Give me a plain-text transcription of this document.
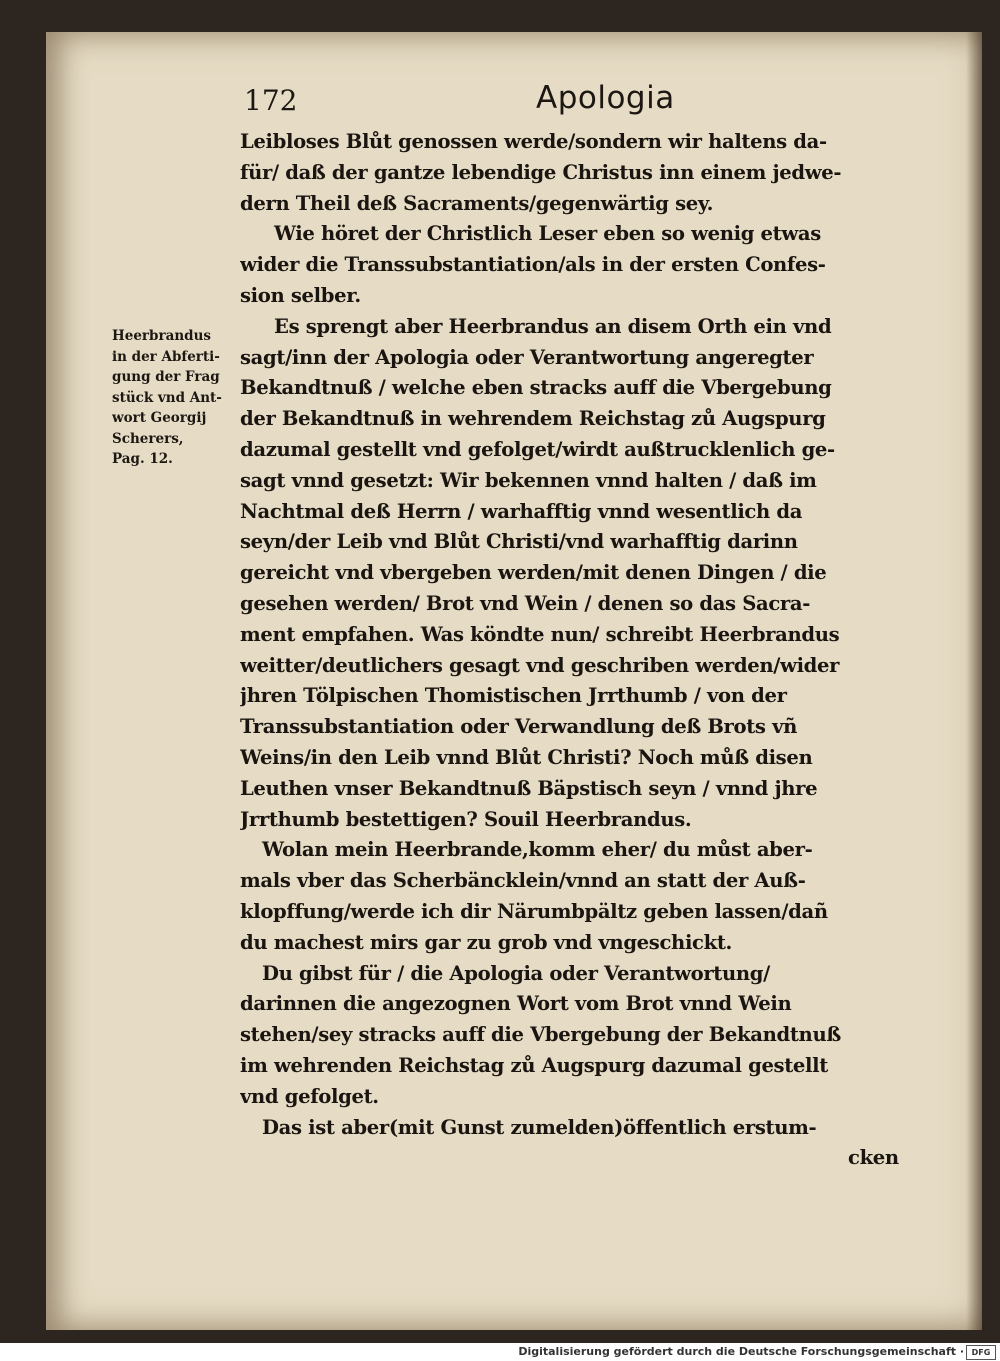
172	Apologia
Heerbrandus
in der Abferti-
gung der Frag
stück vnd Ant-
wort Georgij
Scherers,
Pag. 12.
Leibloses Blůt genossen werde/sondern wir haltens da-
für/ daß der gantze lebendige Christus inn einem jedwe-
dern Theil deß Sacraments/gegenwärtig sey.
Wie höret der Christlich Leser eben so wenig etwas
wider die Transsubstantiation/als in der ersten Confes-
sion selber.
Es sprengt aber Heerbrandus an disem Orth ein vnd
sagt/inn der Apologia oder Verantwortung angeregter
Bekandtnuß / welche eben stracks auff die Vbergebung
der Bekandtnuß in wehrendem Reichstag zů Augspurg
dazumal gestellt vnd gefolget/wirdt außtrucklenlich ge-
sagt vnnd gesetzt: Wir bekennen vnnd halten / daß im
Nachtmal deß Herrn / warhafftig vnnd wesentlich da
seyn/der Leib vnd Blůt Christi/vnd warhafftig darinn
gereicht vnd vbergeben werden/mit denen Dingen / die
gesehen werden/ Brot vnd Wein / denen so das Sacra-
ment empfahen. Was köndte nun/ schreibt Heerbrandus
weitter/deutlichers gesagt vnd geschriben werden/wider
jhren Tölpischen Thomistischen Jrrthumb / von der
Transsubstantiation oder Verwandlung deß Brots vñ
Weins/in den Leib vnnd Blůt Christi? Noch můß disen
Leuthen vnser Bekandtnuß Bäpstisch seyn / vnnd jhre
Jrrthumb bestettigen? Souil Heerbrandus.
Wolan mein Heerbrande,komm eher/ du můst aber-
mals vber das Scherbäncklein/vnnd an statt der Auß-
klopffung/werde ich dir Närumbpältz geben lassen/dañ
du machest mirs gar zu grob vnd vngeschickt.
Du gibst für / die Apologia oder Verantwortung/
darinnen die angezognen Wort vom Brot vnnd Wein
stehen/sey stracks auff die Vbergebung der Bekandtnuß
im wehrenden Reichstag zů Augspurg dazumal gestellt
vnd gefolget.
Das ist aber(mit Gunst zumelden)öffentlich erstum-
cken
Digitalisierung gefördert durch die Deutsche Forschungsgemeinschaft · DFG
